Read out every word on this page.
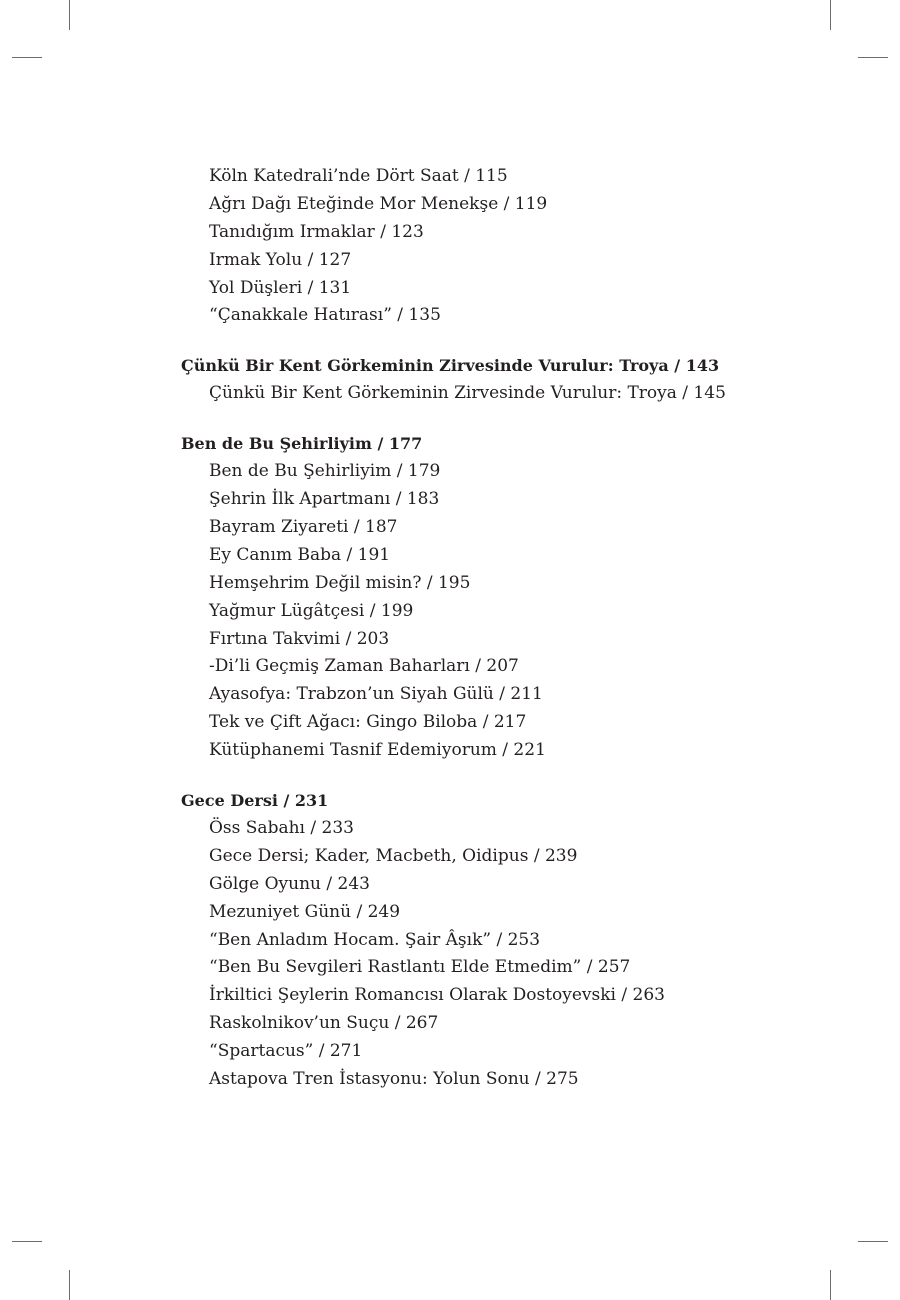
Köln Katedrali’nde Dört Saat / 115
Ağrı Dağı Eteğinde Mor Menekşe / 119
Tanıdığım Irmaklar / 123
Irmak Yolu / 127
Yol Düşleri / 131
“Çanakkale Hatırası” / 135
Çünkü Bir Kent Görkeminin Zirvesinde Vurulur: Troya / 143
Çünkü Bir Kent Görkeminin Zirvesinde Vurulur: Troya / 145
Ben de Bu Şehirliyim / 177
Ben de Bu Şehirliyim / 179
Şehrin İlk Apartmanı / 183
Bayram Ziyareti / 187
Ey Canım Baba / 191
Hemşehrim Değil misin? / 195
Yağmur Lügâtçesi / 199
Fırtına Takvimi / 203
-Di’li Geçmiş Zaman Baharları / 207
Ayasofya: Trabzon’un Siyah Gülü / 211
Tek ve Çift Ağacı: Gingo Biloba / 217
Kütüphanemi Tasnif Edemiyorum / 221
Gece Dersi / 231
Öss Sabahı / 233
Gece Dersi; Kader, Macbeth, Oidipus / 239
Gölge Oyunu / 243
Mezuniyet Günü / 249
“Ben Anladım Hocam. Şair Âşık” / 253
“Ben Bu Sevgileri Rastlantı Elde Etmedim” / 257
İrkiltici Şeylerin Romancısı Olarak Dostoyevski / 263
Raskolnikov’un Suçu / 267
“Spartacus” / 271
Astapova Tren İstasyonu: Yolun Sonu / 275
